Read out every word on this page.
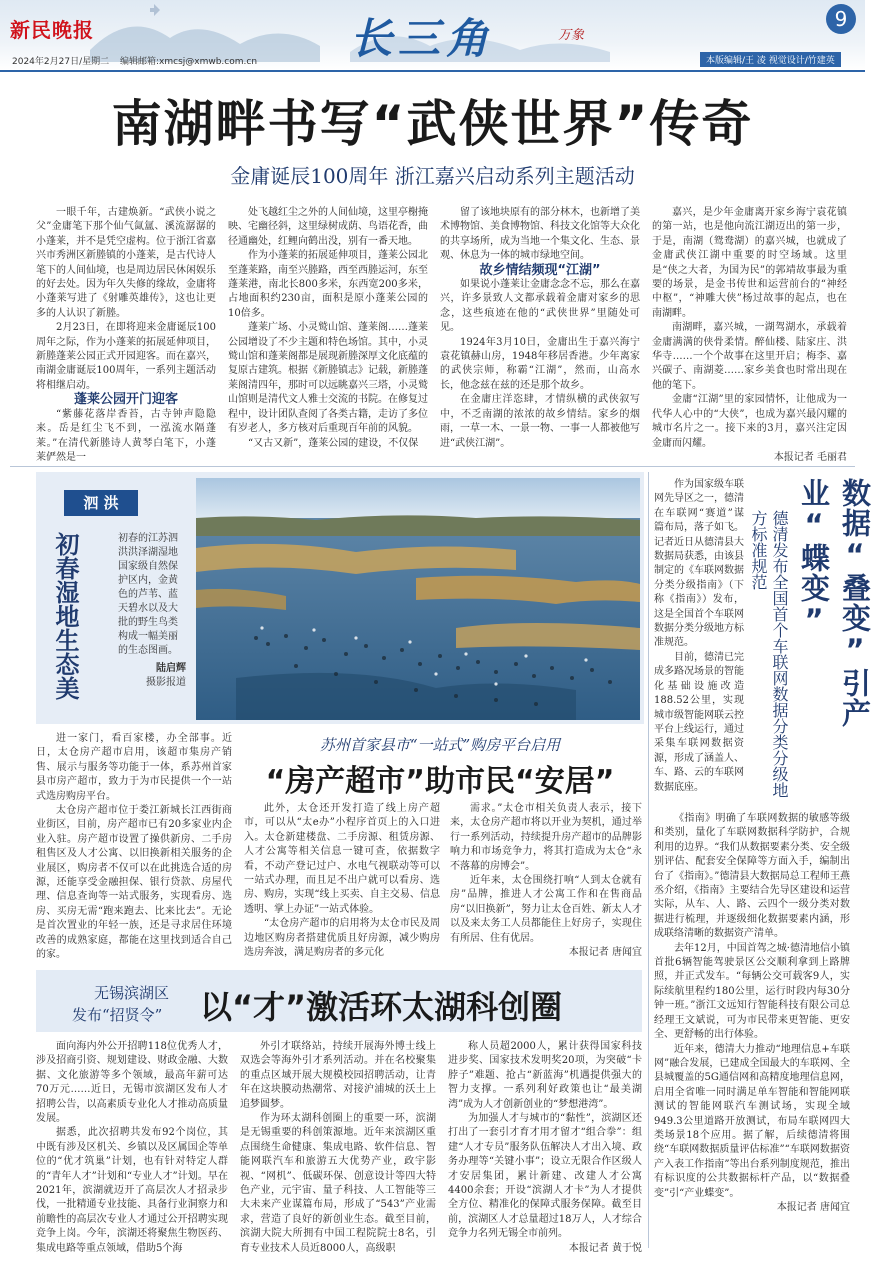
新民晚报
2024年2月27日/星期二 编辑邮箱:xmcsj@xmwb.com.cn 长三角	万象
9
本版编辑/王 凌 视觉设计/竹建英
南湖畔书写“武侠世界”传奇
金庸诞辰100周年 浙江嘉兴启动系列主题活动

一眼千年，古建焕新。“武侠小说之父”金庸笔下那个仙气氤氲、溪流潺潺的小蓬莱，并不是凭空虚构。位于浙江省嘉兴市秀洲区新塍镇的小蓬莱，是古代诗人笔下的人间仙境，也是周边居民休闲娱乐的好去处。因为年久失修的缘故，金庸将小蓬莱写进了《射雕英雄传》，这也让更多的人认识了新塍。

2月23日，在即将迎来金庸诞辰100周年之际，作为小蓬莱的拓展延伸项目，新塍蓬莱公园正式开园迎客。而在嘉兴，南湖金庸诞辰100周年，一系列主题活动将相继启动。

蓬莱公园开门迎客

“紫藤花落岸香苔，古寺钟声隐隐来。岳是红尘飞不到，一泓流水隔蓬莱。”在清代新塍诗人黄琴白笔下，小蓬莱俨然是一

处飞越红尘之外的人间仙境，这里亭榭掩映、宅幽径斜，这里绿树成荫、鸟语花香，曲径通幽处，红鲤向鹤出没，别有一番天地。

作为小蓬莱的拓展延伸项目，蓬莱公园北至蓬莱路，南至兴塍路，西至西塍运河，东至蓬莱港，南北长800多米，东西宽200多米，占地面积约230亩，面积是原小蓬莱公园的10倍多。

蓬莱广场、小灵鹫山馆、蓬莱阁……蓬莱公园增设了不少主题和特色场馆。其中，小灵鹫山馆和蓬莱阁都是展现新塍深厚文化底蕴的复原古建筑。根据《新塍镇志》记载，新塍蓬莱阁清四年，那时可以远眺嘉兴三塔，小灵鹫山馆则是清代文人雅士交流的书院。在修复过程中，设计团队查阅了各类古籍，走访了多位有岁老人，多方核对后重现百年前的风貌。

“又古又新”，蓬莱公园的建设，不仅保

留了该地块原有的部分林木，也新增了美术博物馆、美食博物馆、科技文化馆等大众化的共享场所，成为当地一个集文化、生态、景观、休息为一体的城市绿地空间。

故乡情结频现“江湖”

如果说小蓬莱让金庸念念不忘，那么在嘉兴，许多景致人文都承载着金庸对家乡的思念，这些痕迹在他的“武侠世界”里随处可见。

1924年3月10日，金庸出生于嘉兴海宁袁花镇赫山房，1948年移居香港。少年离家的武侠宗师，称霸“江湖”，然而，山高水长，他念兹在兹的还是那个故乡。

在金庸庄洋恣肆，才情纵横的武侠叙写中，不乏南湖的浓浓的故乡情结。家乡的烟雨，一草一木、一景一物、一事一人都被他写进“武侠江湖”。

嘉兴，是少年金庸离开家乡海宁袁花镇的第一站，也是他向流江湖迈出的第一步，于是，南湖（鸳鸯湖）的嘉兴城，也就成了金庸武侠江湖中重要的时空场域。这里是“侠之大者，为国为民”的郭靖故事最为重要的场景，是金书传世和运营前台的“神经中枢”，“神雕大侠”杨过故事的起点，也在南湖畔。

南湖畔，嘉兴城，一湖驾湖水，承载着金庸满满的侠骨柔情。醉仙楼、陆家庄、洪华寺……一个个故事在这里开启；梅李、嘉兴碳子、南湖菱……家乡美食也时常出现在他的笔下。

金庸“江湖”里的家园情怀，让他成为一代华人心中的“大侠”，也成为嘉兴最闪耀的城市名片之一。接下来的3月，嘉兴注定因金庸而闪耀。

本报记者 毛丽君

泗 洪
初春湿地生态美	初春的江苏泗洪洪泽湖湿地国家级自然保护区内，金黄色的芦苇、蓝天碧水以及大批的野生鸟类构成一幅美丽的生态图画。
陆启辉
摄影报道	数据“叠变”引产业“蝶变”
德清发布全国首个车联网数据分类分级地方标准规范

作为国家级车联网先导区之一，德清在车联网“赛道”谋篇布局，落子如飞。记者近日从德清县大数据局获悉，由该县制定的《车联网数据分类分级指南》（下称《指南》）发布，这是全国首个车联网数据分类分级地方标准规范。

目前，德清已完成多路况场景的智能化基础设施改造188.52公里，实现城市级智能网联云控平台上线运行，通过采集车联网数据资源，形成了涵盖人、车、路、云的车联网数据底座。

《指南》明确了车联网数据的敏感等级和类别，量化了车联网数据科学防护，合规利用的边界。“我们从数据要素分类、安全级别评估、配套安全保障等方面入手，编制出台了《指南》。”德清县大数据局总工程师王燕丞介绍，《指南》主要结合先导区建设和运营实际，从车、人、路、云四个一级分类对数据进行梳理，并逐级细化数据要素内涵，形成联络清晰的数据资产清单。

去年12月，中国首驾之城·德清地信小镇首批6辆智能驾驶景区公交顺利拿到上路牌照，并正式发车。“每辆公交可载客9人，实际续航里程约180公里，运行时段内每30分钟一班。”浙江文远知行智能科技有限公司总经理王文斌说，可为市民带来更智能、更安全、更舒畅的出行体验。

近年来，德清大力推动“地理信息+车联网”融合发展，已建成全国最大的车联网、全县城覆盖的5G通信网和高精度地理信息网，启用全省唯一同时满足单车智能和智能网联测试的智能网联汽车测试场，实现全域949.3公里道路开放测试，布局车联网四大类场景18个应用。据了解，后续德清将围绕“车联网数据质量评估标准”“车联网数据资产入表工作指南”等出台系列制度规范，推出有标识度的公共数据标杆产品，以“数据叠变”引“产业蝶变”。

本报记者 唐闻宜

苏州首家县市“一站式”购房平台启用
“房产超市”助市民“安居”

进一家门，看百家楼，办全部事。近日，太仓房产超市启用，该超市集房产销售、展示与服务等功能于一体，系苏州首家县市房产超市，致力于为市民提供一个一站式选房购房平台。

太仓房产超市位于娄江新城长江西街商业街区，目前，房产超市已有20多家业内企业入驻。房产超市设置了操供新房、二手房租售区及人才公寓、以旧换新相关服务的企业展区，购房者不仅可以在此挑选合适的房源，还能享受金融担保、银行贷款、房屋代理、信息查询等一站式服务，实现看房、选房、买房无需“跑来跑去、比来比去”。无论是首次置业的年轻一族，还是寻求居住环境改善的成熟家庭，都能在这里找到适合自己的家。

此外，太仓还开发打造了线上房产超市，可以从“太e办”小程序首页上的入口进入。太仓新建楼盘、二手房源、租赁房源、人才公寓等相关信息一键可查，依据数字看，不动产登记过户、水电气视联动等可以一站式办理，而且足不出户就可以看房、选房、购房，实现“线上买卖、自主交易、信息透明、掌上办证”一站式体验。

“太仓房产超市的启用将为太仓市民及周边地区购房者搭建优质且好房源，减少购房选房奔波，满足购房者的多元化

需求。”太仓市相关负责人表示，接下来，太仓房产超市将以开业为契机，通过举行一系列活动，持续提升房产超市的品牌影响力和市场竞争力，将其打造成为太仓“永不落幕的房博会”。

近年来，太仓围绕打响“人到太仓就有房”品牌，推进人才公寓工作和在售商品房“以旧换新”，努力让太仓百姓、新太人才以及来太务工人员都能住上好房子，实现住有所居、住有优居。

本报记者 唐闻宜

无锡滨湖区
发布“招贤令” 以“才”激活环太湖科创圈

面向海内外公开招聘118位优秀人才，涉及招商引资、规划建设、财政金融、大数据、文化旅游等多个领域，最高年薪可达70万元……近日，无锡市滨湖区发布人才招聘公告，以高素质专业化人才推动高质量发展。

据悉，此次招聘共发布92个岗位，其中既有涉及区机关、乡镇以及区属国企等单位的“优才筑巢”计划，也有针对特定人群的“青年人才”计划和“专业人才”计划。早在2021年，滨湖就迈开了高层次人才招录步伐，一批精通专业技能、具备行业洞察力和前瞻性的高层次专业人才通过公开招聘实现竞争上岗。今年，滨湖还将聚焦生物医药、集成电路等重点领域，借助5个海

外引才联络站，持续开展海外博士线上双选会等海外引才系列活动。并在名校聚集的重点区域开展大规模校园招聘活动，让青年在这块膜动热潮常、对接沪浦城的沃土上追梦圆梦。

作为环太湖科创圈上的重要一环，滨湖是无锡重要的科创策源地。近年来滨湖区重点围绕生命健康、集成电路、软件信息、智能网联汽车和旅游五大优势产业，政宇影视、“网机”、低碳环保、创意设计等四大特色产业，元宇宙、量子科技、人工智能等三大未来产业谋篇布局，形成了“543”产业需求，营造了良好的新创业生态。截至目前，滨湖大院大所拥有中国工程院院士8名，引育专业技术人员近8000人，高级职

称人员超2000人，累计获得国家科技进步奖、国家技术发明奖20项，为突破“卡脖子”难题、抢占“新蓝海”机遇提供强大的智力支撑。一系列利好政策也让“最美湖湾”成为人才创新创业的“梦想港湾”。

为加强人才与城市的“黏性”，滨湖区还打出了一套引才育才用才留才“组合拳”：组建“人才专员”服务队伍解决人才出入境、政务办理等“关键小事”；设立无限合作区级人才安居集团，累计新建、改建人才公寓4400余套；开设“滨湖人才卡”为人才提供全方位、精准化的保障式服务保障。截至目前，滨湖区人才总量超过18万人，人才综合竞争力名列无锡全市前列。

本报记者 黄于悦
